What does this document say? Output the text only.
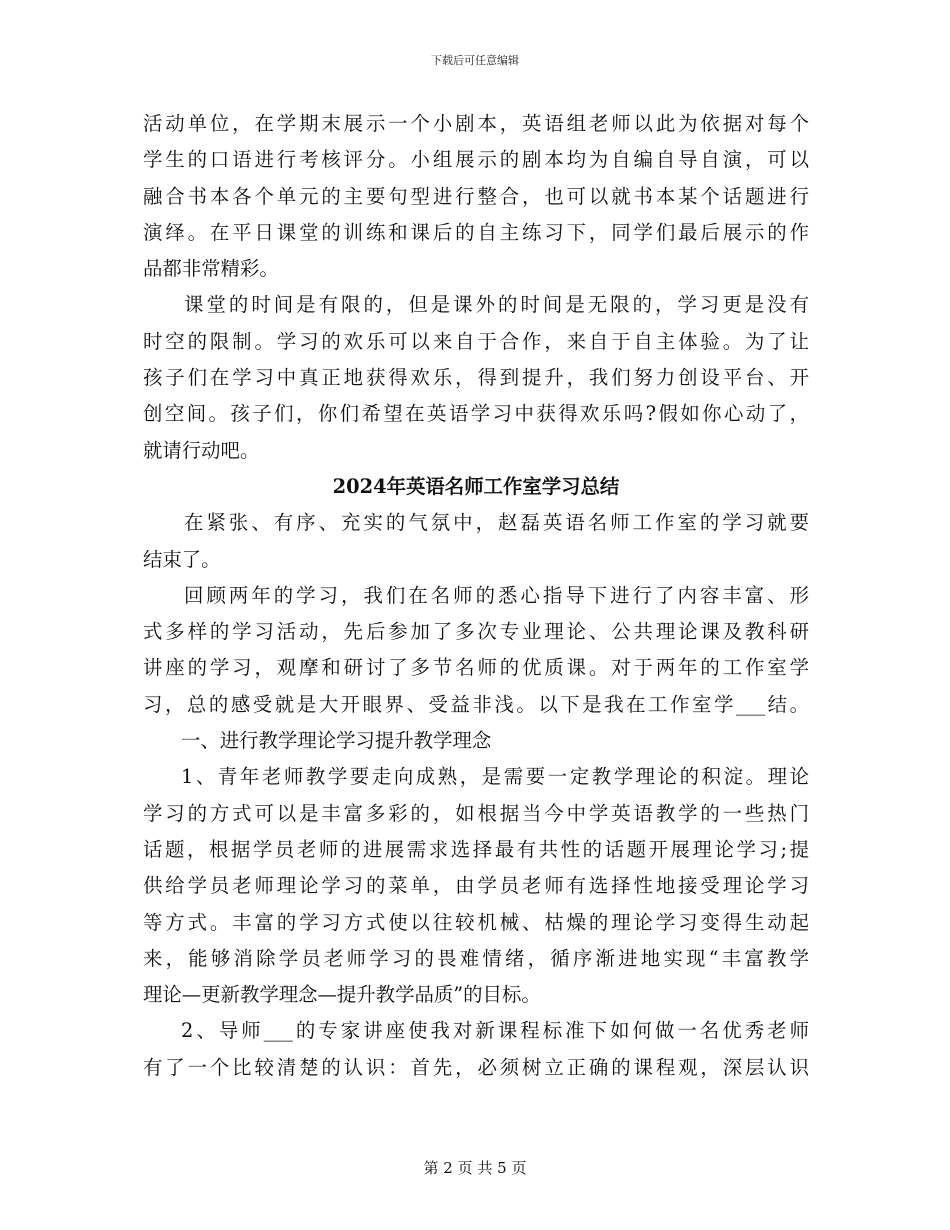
下载后可任意编辑
活动单位，在学期末展示一个小剧本，英语组老师以此为依据对每个
学生的口语进行考核评分。小组展示的剧本均为自编自导自演，可以
融合书本各个单元的主要句型进行整合，也可以就书本某个话题进行
演绎。在平日课堂的训练和课后的自主练习下，同学们最后展示的作
品都非常精彩。
课堂的时间是有限的，但是课外的时间是无限的，学习更是没有
时空的限制。学习的欢乐可以来自于合作，来自于自主体验。为了让
孩子们在学习中真正地获得欢乐，得到提升，我们努力创设平台、开
创空间。孩子们，你们希望在英语学习中获得欢乐吗?假如你心动了，
就请行动吧。
2024年英语名师工作室学习总结
在紧张、有序、充实的气氛中，赵磊英语名师工作室的学习就要
结束了。
回顾两年的学习，我们在名师的悉心指导下进行了内容丰富、形
式多样的学习活动，先后参加了多次专业理论、公共理论课及教科研
讲座的学习，观摩和研讨了多节名师的优质课。对于两年的工作室学
习，总的感受就是大开眼界、受益非浅。以下是我在工作室学___结。
一、进行教学理论学习提升教学理念
1、青年老师教学要走向成熟，是需要一定教学理论的积淀。理论
学习的方式可以是丰富多彩的，如根据当今中学英语教学的一些热门
话题，根据学员老师的进展需求选择最有共性的话题开展理论学习;提
供给学员老师理论学习的菜单，由学员老师有选择性地接受理论学习
等方式。丰富的学习方式使以往较机械、枯燥的理论学习变得生动起
来，能够消除学员老师学习的畏难情绪，循序渐进地实现“丰富教学
理论—更新教学理念—提升教学品质”的目标。
2、导师___的专家讲座使我对新课程标准下如何做一名优秀老师
有了一个比较清楚的认识：首先，必须树立正确的课程观，深层认识
第 2 页 共 5 页
